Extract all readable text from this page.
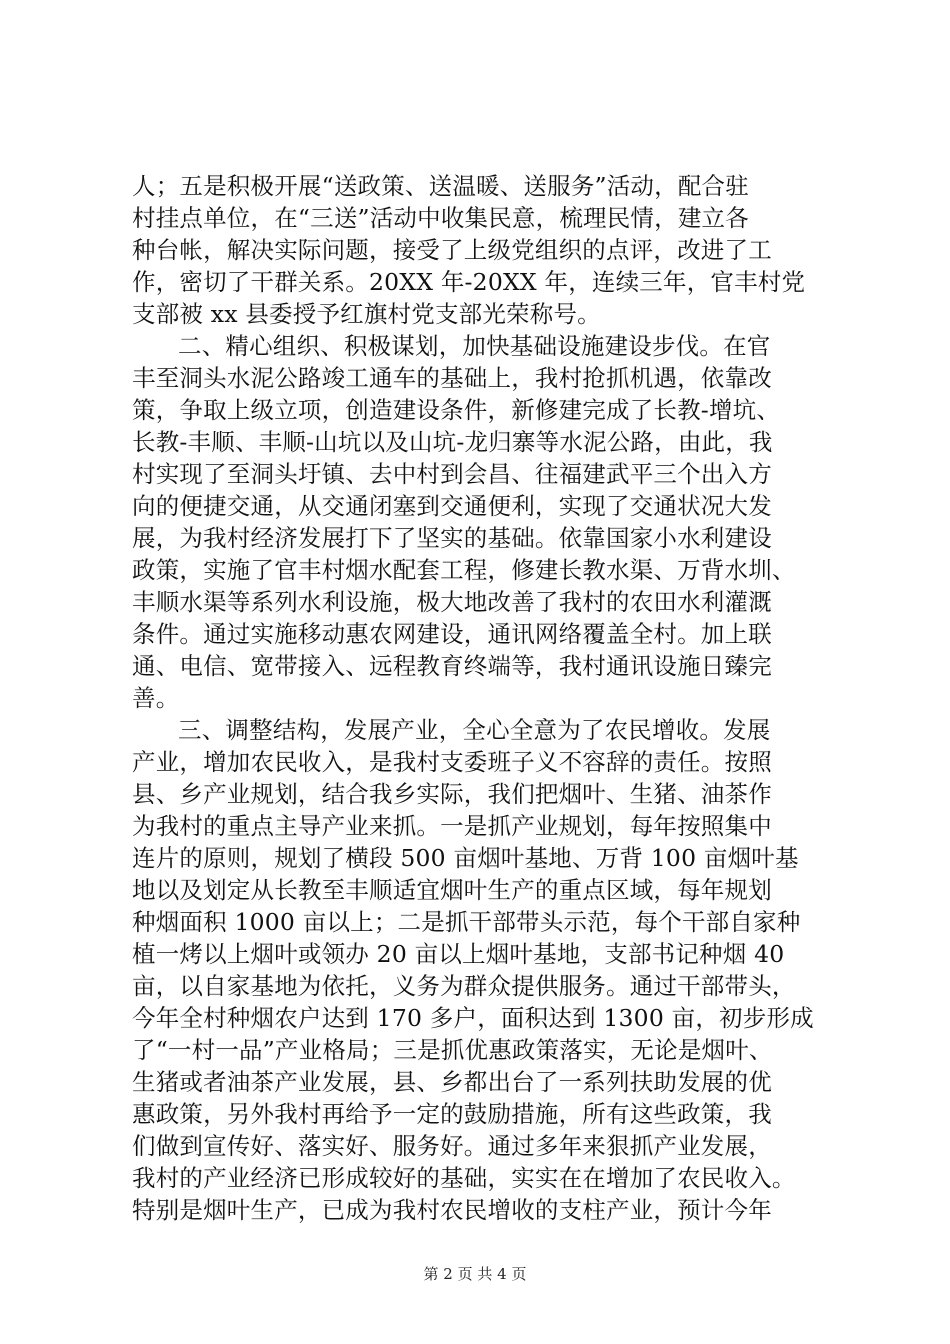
人；五是积极开展“送政策、送温暖、送服务”活动，配合驻
村挂点单位，在“三送”活动中收集民意，梳理民情，建立各
种台帐，解决实际问题，接受了上级党组织的点评，改进了工
作，密切了干群关系。20XX 年-20XX 年，连续三年，官丰村党
支部被 xx 县委授予红旗村党支部光荣称号。
二、精心组织、积极谋划，加快基础设施建设步伐。在官
丰至洞头水泥公路竣工通车的基础上，我村抢抓机遇，依靠改
策，争取上级立项，创造建设条件，新修建完成了长教-增坑、
长教-丰顺、丰顺-山坑以及山坑-龙归寨等水泥公路，由此，我
村实现了至洞头圩镇、去中村到会昌、往福建武平三个出入方
向的便捷交通，从交通闭塞到交通便利，实现了交通状况大发
展，为我村经济发展打下了坚实的基础。依靠国家小水利建设
政策，实施了官丰村烟水配套工程，修建长教水渠、万背水圳、
丰顺水渠等系列水利设施，极大地改善了我村的农田水利灌溉
条件。通过实施移动惠农网建设，通讯网络覆盖全村。加上联
通、电信、宽带接入、远程教育终端等，我村通讯设施日臻完
善。
三、调整结构，发展产业，全心全意为了农民增收。发展
产业，增加农民收入，是我村支委班子义不容辞的责任。按照
县、乡产业规划，结合我乡实际，我们把烟叶、生猪、油茶作
为我村的重点主导产业来抓。一是抓产业规划，每年按照集中
连片的原则，规划了横段 500 亩烟叶基地、万背 100 亩烟叶基
地以及划定从长教至丰顺适宜烟叶生产的重点区域，每年规划
种烟面积 1000 亩以上；二是抓干部带头示范，每个干部自家种
植一烤以上烟叶或领办 20 亩以上烟叶基地，支部书记种烟 40
亩，以自家基地为依托，义务为群众提供服务。通过干部带头，
今年全村种烟农户达到 170 多户，面积达到 1300 亩，初步形成
了“一村一品”产业格局；三是抓优惠政策落实，无论是烟叶、
生猪或者油茶产业发展，县、乡都出台了一系列扶助发展的优
惠政策，另外我村再给予一定的鼓励措施，所有这些政策，我
们做到宣传好、落实好、服务好。通过多年来狠抓产业发展，
我村的产业经济已形成较好的基础，实实在在增加了农民收入。
特别是烟叶生产，已成为我村农民增收的支柱产业，预计今年
第 2 页 共 4 页
